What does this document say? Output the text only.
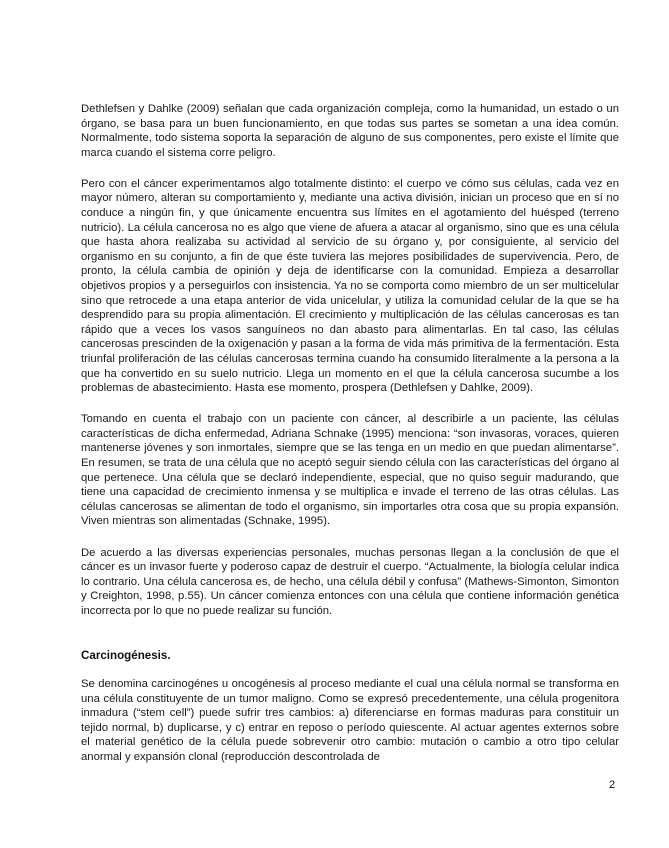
Dethlefsen y Dahlke (2009) señalan que cada organización compleja, como la humanidad, un estado o un órgano, se basa para un buen funcionamiento, en que todas sus partes se sometan a una idea común. Normalmente, todo sistema soporta la separación de alguno de sus componentes, pero existe el límite que marca cuando el sistema corre peligro.

Pero con el cáncer experimentamos algo totalmente distinto: el cuerpo ve cómo sus células, cada vez en mayor número, alteran su comportamiento y, mediante una activa división, inician un proceso que en sí no conduce a ningún fin, y que únicamente encuentra sus límites en el agotamiento del huésped (terreno nutricio). La célula cancerosa no es algo que viene de afuera a atacar al organismo, sino que es una célula que hasta ahora realizaba su actividad al servicio de su órgano y, por consiguiente, al servicio del organismo en su conjunto, a fin de que éste tuviera las mejores posibilidades de supervivencia. Pero, de pronto, la célula cambia de opinión y deja de identificarse con la comunidad. Empieza a desarrollar objetivos propios y a perseguirlos con insistencia. Ya no se comporta como miembro de un ser multicelular sino que retrocede a una etapa anterior de vida unicelular, y utiliza la comunidad celular de la que se ha desprendido para su propia alimentación. El crecimiento y multiplicación de las células cancerosas es tan rápido que a veces los vasos sanguíneos no dan abasto para alimentarlas. En tal caso, las células cancerosas prescinden de la oxigenación y pasan a la forma de vida más primitiva de la fermentación. Esta triunfal proliferación de las células cancerosas termina cuando ha consumido literalmente a la persona a la que ha convertido en su suelo nutricio. Llega un momento en el que la célula cancerosa sucumbe a los problemas de abastecimiento. Hasta ese momento, prospera (Dethlefsen y Dahlke, 2009).

Tomando en cuenta el trabajo con un paciente con cáncer, al describirle a un paciente, las células características de dicha enfermedad, Adriana Schnake (1995) menciona: “son invasoras, voraces, quieren mantenerse jóvenes y son inmortales, siempre que se las tenga en un medio en que puedan alimentarse”. En resumen, se trata de una célula que no aceptó seguir siendo célula con las características del órgano al que pertenece. Una célula que se declaró independiente, especial, que no quiso seguir madurando, que tiene una capacidad de crecimiento inmensa y se multiplica e invade el terreno de las otras células. Las células cancerosas se alimentan de todo el organismo, sin importarles otra cosa que su propia expansión. Viven mientras son alimentadas (Schnake, 1995).

De acuerdo a las diversas experiencias personales, muchas personas llegan a la conclusión de que el cáncer es un invasor fuerte y poderoso capaz de destruir el cuerpo. “Actualmente, la biología celular indica lo contrario. Una célula cancerosa es, de hecho, una célula débil y confusa” (Mathews-Simonton, Simonton y Creighton, 1998, p.55). Un cáncer comienza entonces con una célula que contiene información genética incorrecta por lo que no puede realizar su función.

Carcinogénesis.

Se denomina carcinogénes u oncogénesis al proceso mediante el cual una célula normal se transforma en una célula constituyente de un tumor maligno. Como se expresó precedentemente, una célula progenitora inmadura (“stem cell”) puede sufrir tres cambios: a) diferenciarse en formas maduras para constituir un tejido normal, b) duplicarse, y c) entrar en reposo o período quiescente. Al actuar agentes externos sobre el material genético de la célula puede sobrevenir otro cambio: mutación o cambio a otro tipo celular anormal y expansión clonal (reproducción descontrolada de

2
